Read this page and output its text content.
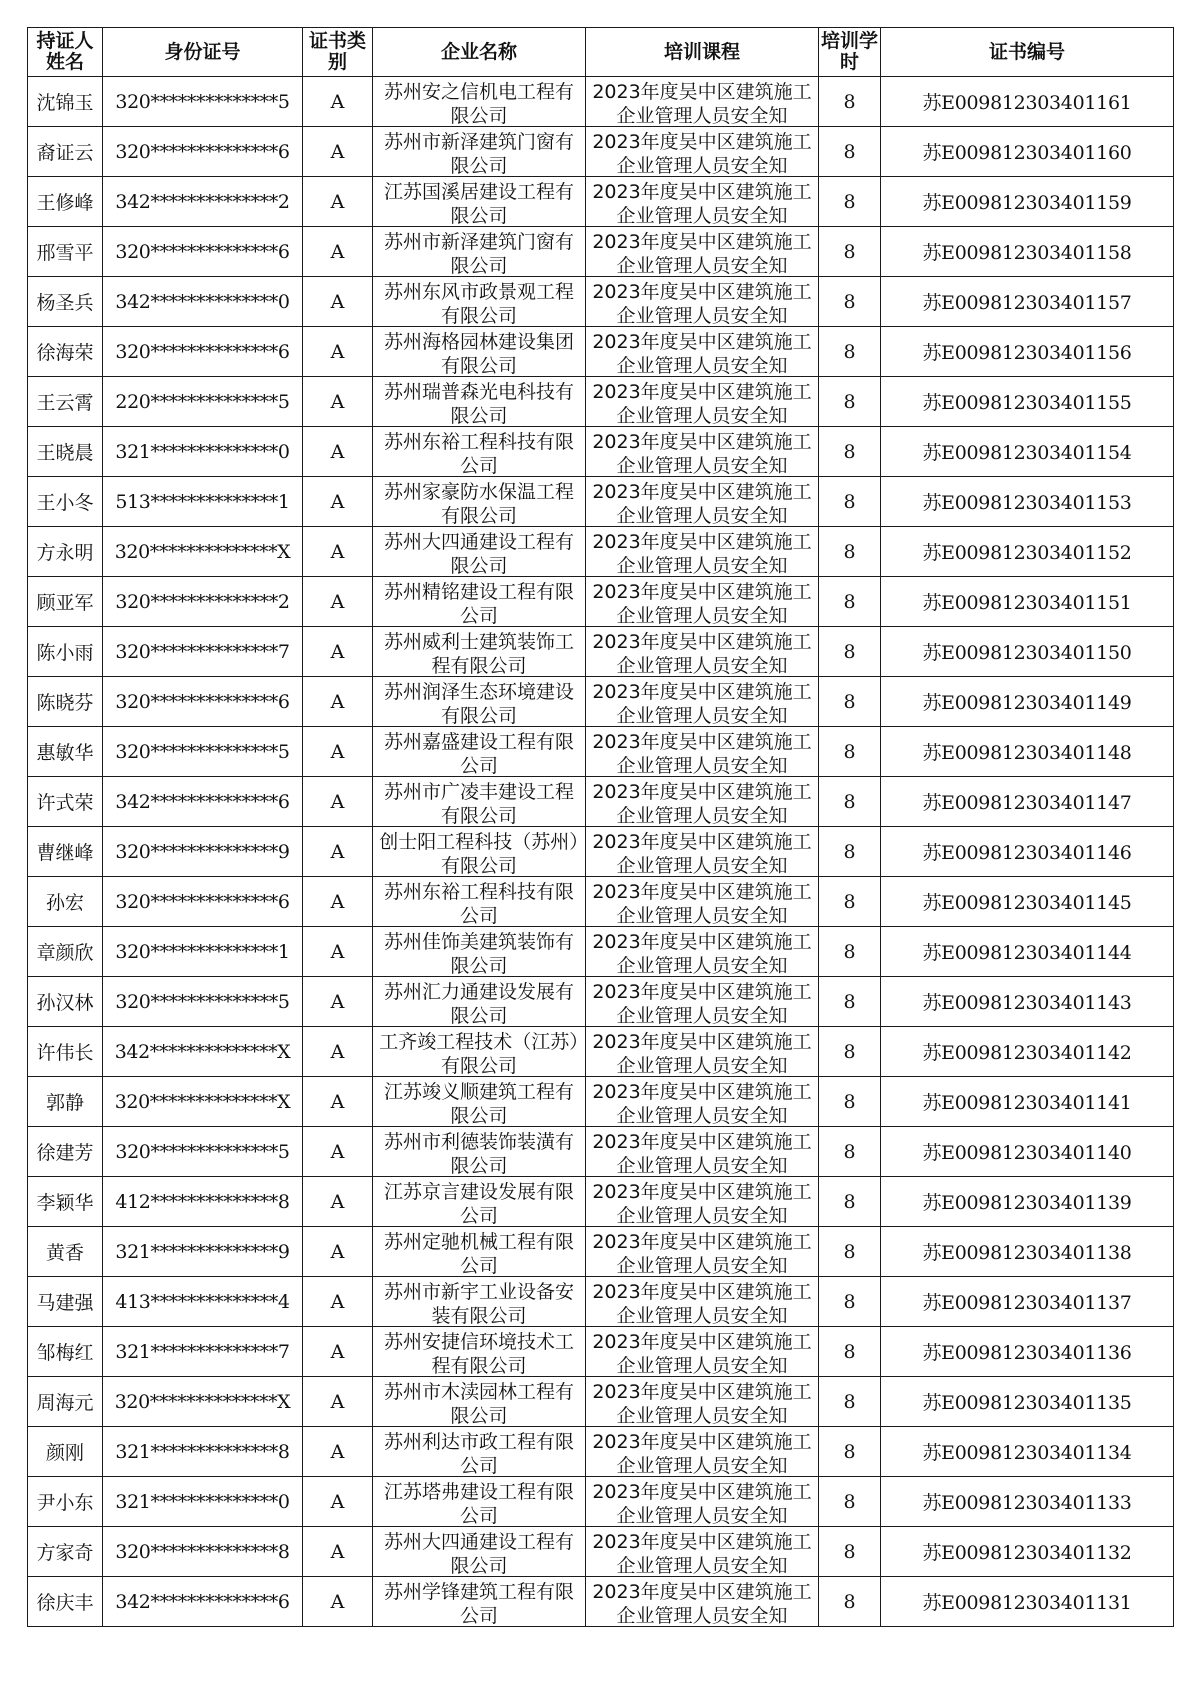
持证人姓名	身份证号	证书类别	企业名称	培训课程	培训学时	证书编号
沈锦玉	320**************5	A	苏州安之信机电工程有限公司	2023年度吴中区建筑施工企业管理人员安全知	8	苏E009812303401161
裔证云	320**************6	A	苏州市新泽建筑门窗有限公司	2023年度吴中区建筑施工企业管理人员安全知	8	苏E009812303401160
王修峰	342**************2	A	江苏国溪居建设工程有限公司	2023年度吴中区建筑施工企业管理人员安全知	8	苏E009812303401159
邢雪平	320**************6	A	苏州市新泽建筑门窗有限公司	2023年度吴中区建筑施工企业管理人员安全知	8	苏E009812303401158
杨圣兵	342**************0	A	苏州东风市政景观工程有限公司	2023年度吴中区建筑施工企业管理人员安全知	8	苏E009812303401157
徐海荣	320**************6	A	苏州海格园林建设集团有限公司	2023年度吴中区建筑施工企业管理人员安全知	8	苏E009812303401156
王云霄	220**************5	A	苏州瑞普森光电科技有限公司	2023年度吴中区建筑施工企业管理人员安全知	8	苏E009812303401155
王晓晨	321**************0	A	苏州东裕工程科技有限公司	2023年度吴中区建筑施工企业管理人员安全知	8	苏E009812303401154
王小冬	513**************1	A	苏州家豪防水保温工程有限公司	2023年度吴中区建筑施工企业管理人员安全知	8	苏E009812303401153
方永明	320**************X	A	苏州大四通建设工程有限公司	2023年度吴中区建筑施工企业管理人员安全知	8	苏E009812303401152
顾亚军	320**************2	A	苏州精铭建设工程有限公司	2023年度吴中区建筑施工企业管理人员安全知	8	苏E009812303401151
陈小雨	320**************7	A	苏州威利士建筑装饰工程有限公司	2023年度吴中区建筑施工企业管理人员安全知	8	苏E009812303401150
陈晓芬	320**************6	A	苏州润泽生态环境建设有限公司	2023年度吴中区建筑施工企业管理人员安全知	8	苏E009812303401149
惠敏华	320**************5	A	苏州嘉盛建设工程有限公司	2023年度吴中区建筑施工企业管理人员安全知	8	苏E009812303401148
许式荣	342**************6	A	苏州市广凌丰建设工程有限公司	2023年度吴中区建筑施工企业管理人员安全知	8	苏E009812303401147
曹继峰	320**************9	A	创士阳工程科技（苏州）有限公司	2023年度吴中区建筑施工企业管理人员安全知	8	苏E009812303401146
孙宏	320**************6	A	苏州东裕工程科技有限公司	2023年度吴中区建筑施工企业管理人员安全知	8	苏E009812303401145
章颜欣	320**************1	A	苏州佳饰美建筑装饰有限公司	2023年度吴中区建筑施工企业管理人员安全知	8	苏E009812303401144
孙汉林	320**************5	A	苏州汇力通建设发展有限公司	2023年度吴中区建筑施工企业管理人员安全知	8	苏E009812303401143
许伟长	342**************X	A	工齐竣工程技术（江苏）有限公司	2023年度吴中区建筑施工企业管理人员安全知	8	苏E009812303401142
郭静	320**************X	A	江苏竣义顺建筑工程有限公司	2023年度吴中区建筑施工企业管理人员安全知	8	苏E009812303401141
徐建芳	320**************5	A	苏州市利德装饰装潢有限公司	2023年度吴中区建筑施工企业管理人员安全知	8	苏E009812303401140
李颖华	412**************8	A	江苏京言建设发展有限公司	2023年度吴中区建筑施工企业管理人员安全知	8	苏E009812303401139
黄香	321**************9	A	苏州定驰机械工程有限公司	2023年度吴中区建筑施工企业管理人员安全知	8	苏E009812303401138
马建强	413**************4	A	苏州市新宇工业设备安装有限公司	2023年度吴中区建筑施工企业管理人员安全知	8	苏E009812303401137
邹梅红	321**************7	A	苏州安捷信环境技术工程有限公司	2023年度吴中区建筑施工企业管理人员安全知	8	苏E009812303401136
周海元	320**************X	A	苏州市木渎园林工程有限公司	2023年度吴中区建筑施工企业管理人员安全知	8	苏E009812303401135
颜刚	321**************8	A	苏州利达市政工程有限公司	2023年度吴中区建筑施工企业管理人员安全知	8	苏E009812303401134
尹小东	321**************0	A	江苏塔弗建设工程有限公司	2023年度吴中区建筑施工企业管理人员安全知	8	苏E009812303401133
方家奇	320**************8	A	苏州大四通建设工程有限公司	2023年度吴中区建筑施工企业管理人员安全知	8	苏E009812303401132
徐庆丰	342**************6	A	苏州学锋建筑工程有限公司	2023年度吴中区建筑施工企业管理人员安全知	8	苏E009812303401131
